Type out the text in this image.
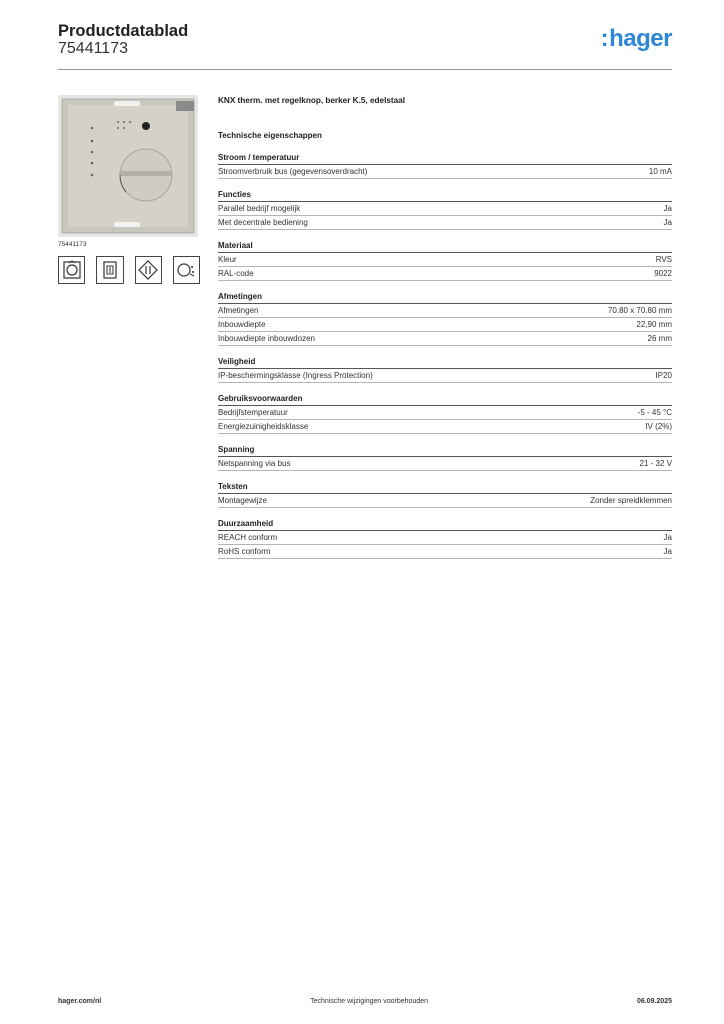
Productdatablad
75441173	:hager
75441173
KNX therm. met regelknop, berker K.5, edelstaal
Technische eigenschappen
Stroom / temperatuur
Stroomverbruik bus (gegevensoverdracht)	10 mA
Functies
Parallel bedrijf mogelijk	Ja
Met decentrale bediening	Ja
Materiaal
Kleur	RVS
RAL-code	9022
Afmetingen
Afmetingen	70.80 x 70.80 mm
Inbouwdiepte	22,90 mm
Inbouwdiepte inbouwdozen	26 mm
Veiligheid
IP-beschermingsklasse (Ingress Protection)	IP20
Gebruiksvoorwaarden
Bedrijfstemperatuur	-5 - 45 °C
Energiezuinigheidsklasse	IV (2%)
Spanning
Netspanning via bus	21 - 32 V
Teksten
Montagewijze	Zonder spreidklemmen
Duurzaamheid
REACH conform	Ja
RoHS conform	Ja
hager.com/nl	Technische wijzigingen voorbehouden	06.09.2025
